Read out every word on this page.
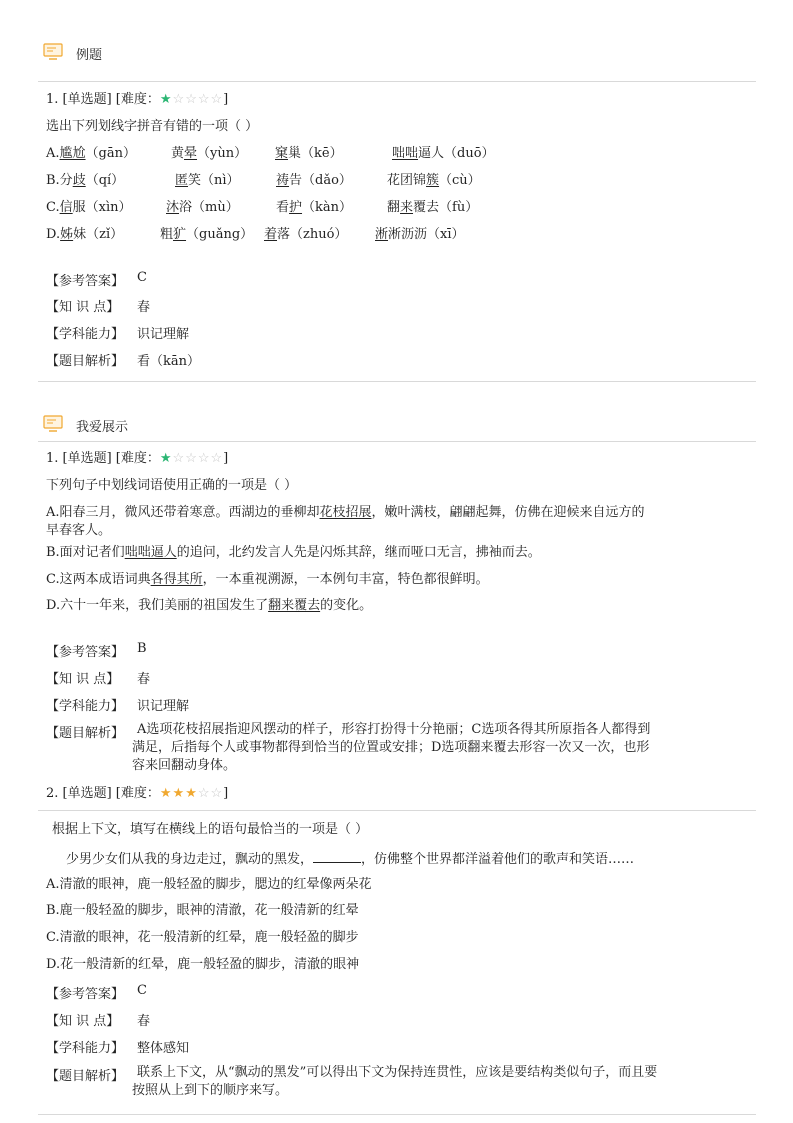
例题
1. [单选题] [难度：★☆☆☆☆]
选出下列划线字拼音有错的一项（ ）
A.尴尬（gān）	黄晕（yùn） 窠巢（kē）	咄咄逼人（duō）
B.分歧（qí）	匿笑（nì）	祷告（dǎo）	花团锦簇（cù）
C.信服（xìn）	沐浴（mù）	看护（kàn）	翻来覆去（fù）
D.姊妹（zǐ）	粗犷（guǎng） 着落（zhuó） 淅淅沥沥（xī）
【参考答案】 C
【知 识 点】 春
【学科能力】 识记理解
【题目解析】 看（kān）
我爱展示
1. [单选题] [难度：★☆☆☆☆]
下列句子中划线词语使用正确的一项是（ ）
A.阳春三月，微风还带着寒意。西湖边的垂柳却花枝招展，嫩叶满枝，翩翩起舞，仿佛在迎候来自远方的
早春客人。
B.面对记者们咄咄逼人的追问，北约发言人先是闪烁其辞，继而哑口无言，拂袖而去。
C.这两本成语词典各得其所，一本重视溯源，一本例句丰富，特色都很鲜明。
D.六十一年来，我们美丽的祖国发生了翻来覆去的变化。
【参考答案】 B
【知 识 点】 春
【学科能力】 识记理解
【题目解析】 A选项花枝招展指迎风摆动的样子，形容打扮得十分艳丽；C选项各得其所原指各人都得到
满足，后指每个人或事物都得到恰当的位置或安排；D选项翻来覆去形容一次又一次，也形
容来回翻动身体。
2. [单选题] [难度：★★★☆☆]
根据上下文，填写在横线上的语句最恰当的一项是（ ）
少男少女们从我的身边走过，飘动的黑发，	，仿佛整个世界都洋溢着他们的歌声和笑语……
A.清澈的眼神，鹿一般轻盈的脚步，腮边的红晕像两朵花
B.鹿一般轻盈的脚步，眼神的清澈，花一般清新的红晕
C.清澈的眼神，花一般清新的红晕，鹿一般轻盈的脚步
D.花一般清新的红晕，鹿一般轻盈的脚步，清澈的眼神
【参考答案】 C
【知 识 点】 春
【学科能力】 整体感知
【题目解析】 联系上下文，从“飘动的黑发”可以得出下文为保持连贯性，应该是要结构类似句子，而且要
按照从上到下的顺序来写。
